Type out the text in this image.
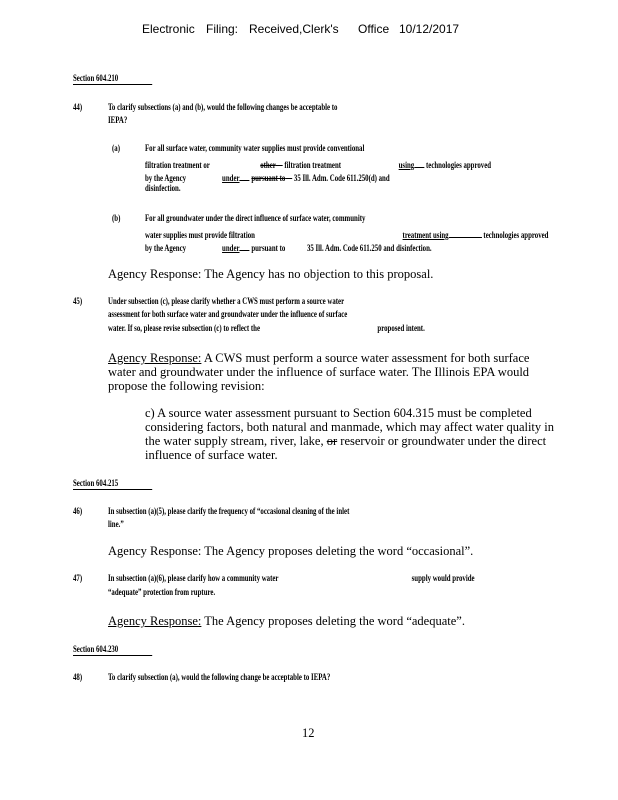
Electronic Filing: Received,Clerk's Office 10/12/2017
Section 604.210
44)	To clarify subsections (a) and (b), would the following changes be acceptable to
IEPA?
(a)	For all surface water, community water supplies must provide conventional
filtration treatment or	other  filtration treatment	using technologies approved
by the Agency	under pursuant to  35 Ill. Adm. Code 611.250(d) and
disinfection.
(b)	For all groundwater under the direct influence of surface water, community
water supplies must provide filtration	treatment using	technologies approved
by the Agency	under pursuant to 35 Ill. Adm. Code 611.250 and disinfection.
Agency Response: The Agency has no objection to this proposal.
45)	Under subsection (c), please clarify whether a CWS must perform a source water
assessment for both surface water and groundwater under the influence of surface
water. If so, please revise subsection (c) to reflect the	proposed intent.
Agency Response: A CWS must perform a source water assessment for both surface
water and groundwater under the influence of surface water. The Illinois EPA would
propose the following revision:
c) A source water assessment pursuant to Section 604.315 must be completed
considering factors, both natural and manmade, which may affect water quality in
the water supply stream, river, lake, or reservoir or groundwater under the direct
influence of surface water.
Section 604.215
46)	In subsection (a)(5), please clarify the frequency of “occasional cleaning of the inlet
line.”
Agency Response: The Agency proposes deleting the word “occasional”.
47)	In subsection (a)(6), please clarify how a community water	supply would provide
“adequate” protection from rupture.
Agency Response: The Agency proposes deleting the word “adequate”.
Section 604.230
48)	To clarify subsection (a), would the following change be acceptable to IEPA?
12
